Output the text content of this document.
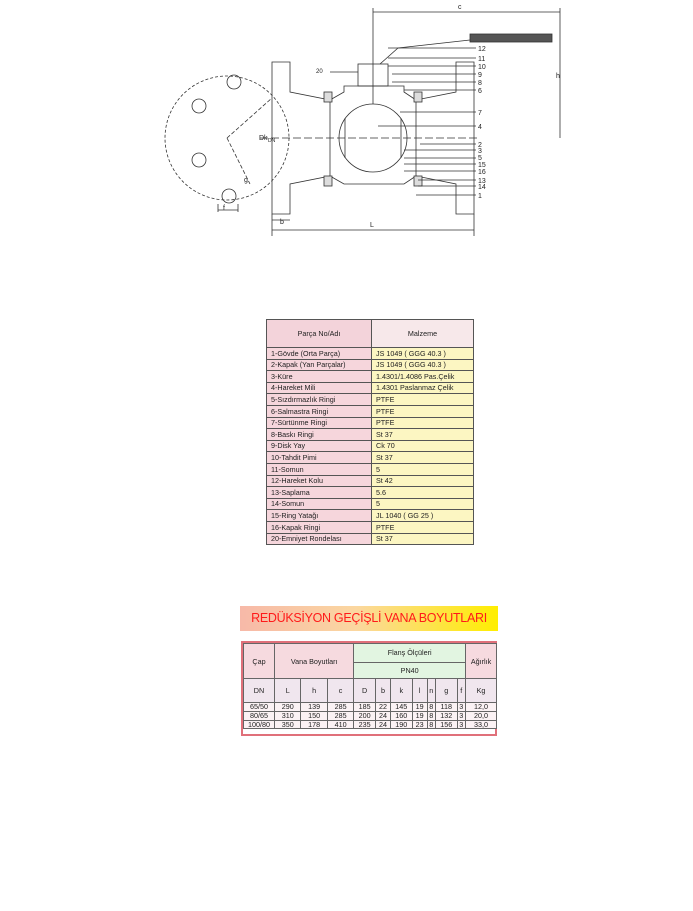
c
h
L
b
D k DN
f
g
20
12
11
10
9
8
6
7
4
2
3
5
15
16
13
14
1
Parça No/Adı	Malzeme
1-Gövde (Orta Parça)	JS 1049 ( GGG 40.3 )
2-Kapak (Yan Parçalar)	JS 1049 ( GGG 40.3 )
3-Küre	1.4301/1.4086 Pas.Çelik
4-Hareket Mili	1.4301 Paslanmaz Çelik
5-Sızdırmazlık Ringi	PTFE
6-Salmastra Ringi	PTFE
7-Sürtünme Ringi	PTFE
8-Baskı Ringi	St 37
9-Disk Yay	Ck 70
10-Tahdit Pimi	St 37
11-Somun	5
12-Hareket Kolu	St 42
13-Saplama	5.6
14-Somun	5
15-Ring Yatağı	JL 1040 ( GG 25 )
16-Kapak Ringi	PTFE
20-Emniyet Rondelası	St 37
REDÜKSİYON GEÇİŞLİ VANA BOYUTLARI
Çap	Vana Boyutları			Flanş Ölçüleri							Ağırlık
				PN40							
DN	L	h	c	D	b	k	l	n	g	f	Kg
65/50	290	139	285	185	22	145	19	8	118	3	12,0
80/65	310	150	285	200	24	160	19	8	132	3	20,0
100/80	350	178	410	235	24	190	23	8	156	3	33,0
